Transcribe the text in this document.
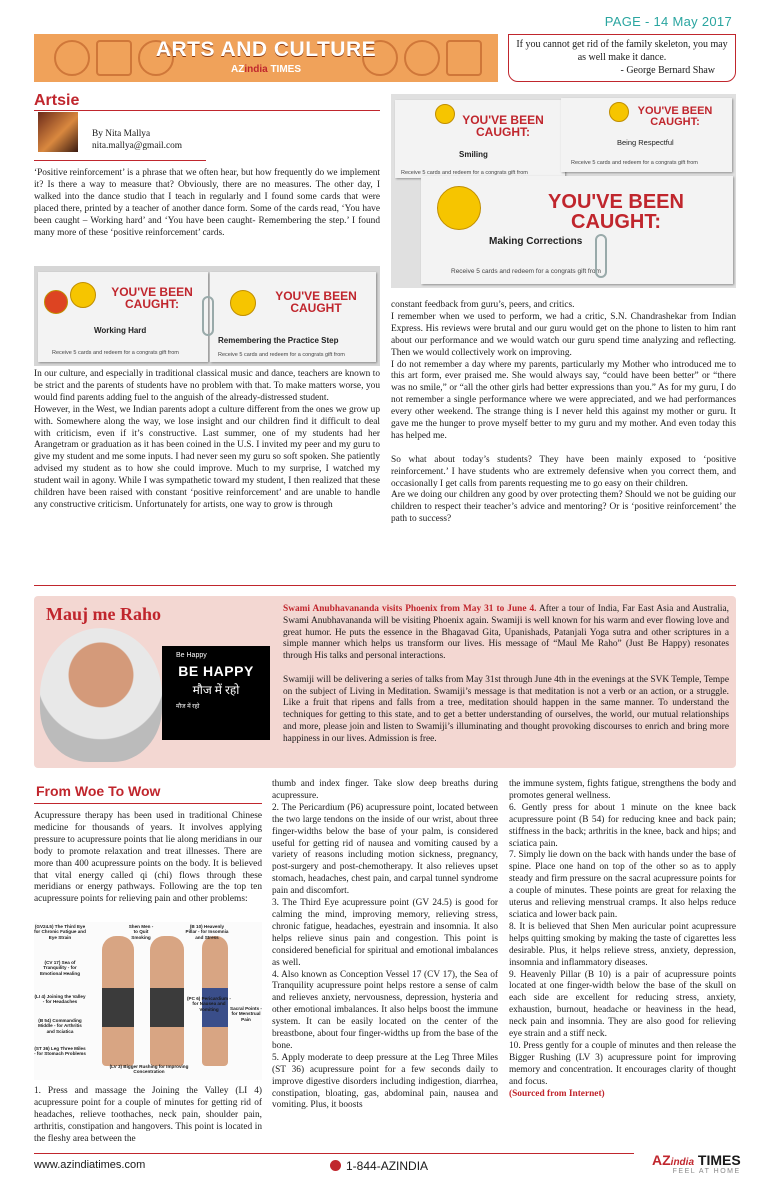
PAGE - 14 May 2017
ARTS AND CULTURE
AZindia TIMES
If you cannot get rid of the family skeleton, you may as well make it dance.
- George Bernard Shaw
Artsie
By Nita Mallya
nita.mallya@gmail.com
‘Positive reinforcement’ is a phrase that we often hear, but how frequently do we implement it? Is there a way to measure that? Obviously, there are no measures. The other day, I walked into the dance studio that I teach in regularly and I found some cards that were placed there, printed by a teacher of another dance form. Some of the cards read, ‘You have been caught – Working hard’ and ‘You have been caught- Remembering the step.’ I found many more of these ‘positive reinforcement’ cards.
YOU'VE BEEN CAUGHT:
Working Hard
Receive 5 cards and redeem for a congrats gift from
YOU'VE BEEN CAUGHT
Remembering the Practice Step
Receive 5 cards and redeem for a congrats gift from

In our culture, and especially in traditional classical music and dance, teachers are known to be strict and the parents of students have no problem with that. To make matters worse, you would find parents adding fuel to the anguish of the already-distressed student.

However, in the West, we Indian parents adopt a culture different from the ones we grow up with. Somewhere along the way, we lose insight and our children find it difficult to deal with criticism, even if it’s constructive. Last summer, one of my students had her Arangetram or graduation as it has been coined in the U.S. I invited my peer and my guru to give my student and me some inputs. I had never seen my guru so soft spoken. She patiently advised my student as to how she could improve. Much to my surprise, I watched my student wail in agony. While I was sympathetic toward my student, I then realized that these children have been raised with constant ‘positive reinforcement’ and are unable to handle any constructive criticism. Unfortunately for artists, one way to grow is through

YOU'VE BEEN CAUGHT:
Smiling
Receive 5 cards and redeem for a congrats gift from
YOU'VE BEEN CAUGHT:
Being Respectful
Receive 5 cards and redeem for a congrats gift from
YOU'VE BEEN CAUGHT:
Making Corrections
Receive 5 cards and redeem for a congrats gift from

constant feedback from guru’s, peers, and critics.

I remember when we used to perform, we had a critic, S.N. Chandrashekar from Indian Express. His reviews were brutal and our guru would get on the phone to listen to him rant about our performance and we would watch our guru spend time analyzing and reflecting. Then we would collectively work on improving.

I do not remember a day where my parents, particularly my Mother who introduced me to this art form, ever praised me. She would always say, “could have been better” or “there was no smile,” or “all the other girls had better expressions than you.” As for my guru, I do not remember a single performance where we were appreciated, and we had performances every other weekend. The strange thing is I never held this against my mother or guru. It gave me the hunger to prove myself better to my guru and my mother. And even today this has helped me.

So what about today’s students? They have been mainly exposed to ‘positive reinforcement.’ I have students who are extremely defensive when you correct them, and occasionally I get calls from parents requesting me to go easy on their children.

Are we doing our children any good by over protecting them? Should we not be guiding our children to respect their teacher’s advice and mentoring? Or is ‘positive reinforcement’ the path to success?

Mauj me Raho
Be Happy
BE HAPPY
मौज में रहो
मौज में रहो

Swami Anubhavananda visits Phoenix from May 31 to June 4. After a tour of India, Far East Asia and Australia, Swami Anubhavananda will be visiting Phoenix again. Swamiji is well known for his warm and ever flowing love and great humor. He puts the essence in the Bhagavad Gita, Upanishads, Patanjali Yoga sutra and other scriptures in a simple manner which helps us transform our lives. His message of “Maul Me Raho” (Just Be Happy) resonates through His talks and personal interactions.

Swamiji will be delivering a series of talks from May 31st through June 4th in the evenings at the SVK Temple, Tempe on the subject of Living in Meditation. Swamiji’s message is that meditation is not a verb or an action, or a struggle. Like a fruit that ripens and falls from a tree, meditation should happen in the same manner. To understand the techniques for getting to this state, and to get a better understanding of ourselves, the world, our mutual relationships and more, please join and listen to Swamiji’s illuminating and thought provoking discourses to enrich and bring more happiness in our lives. Admission is free.

From Woe To Wow
Acupressure therapy has been used in traditional Chinese medicine for thousands of years. It involves applying pressure to acupressure points that lie along meridians in our body to promote relaxation and treat illnesses. There are more than 400 acupressure points on the body. It is believed that vital energy called qi (chi) flows through these meridians or energy pathways. Following are the top ten acupressure points for relieving pain and other problems:
(GV24.5) The Third Eye for Chronic Fatigue and Eye Strain
(CV 17) Sea of Tranquility - for Emotional Healing
(LI 4) Joining the Valley - for Headaches
(B 54) Commanding Middle - for Arthritis and Sciatica
(ST 36) Leg Three Miles - for Stomach Problems
Shen Men - to Quit Smoking
(B 10) Heavenly Pillar - for Insomnia and Stress
(PC 6) Pericardium - for Nausea and Vomiting	Sacral Points - for Menstrual Pain
(LV 3) Bigger Rushing for Improving Concentration
1. Press and massage the Joining the Valley (LI 4) acupressure point for a couple of minutes for getting rid of headaches, relieve toothaches, neck pain, shoulder pain, arthritis, constipation and hangovers. This point is located in the fleshy area between the

thumb and index finger. Take slow deep breaths during acupressure.

2. The Pericardium (P6) acupressure point, located between the two large tendons on the inside of our wrist, about three finger-widths below the base of your palm, is considered useful for getting rid of nausea and vomiting caused by a variety of reasons including motion sickness, pregnancy, post-surgery and post-chemotherapy. It also relieves upset stomach, headaches, chest pain, and carpal tunnel syndrome pain and discomfort.

3. The Third Eye acupressure point (GV 24.5) is good for calming the mind, improving memory, relieving stress, chronic fatigue, headaches, eyestrain and insomnia. It also helps relieve sinus pain and congestion. This point is considered beneficial for spiritual and emotional imbalances as well.

4. Also known as Conception Vessel 17 (CV 17), the Sea of Tranquility acupressure point helps restore a sense of calm and relieves anxiety, nervousness, depression, hysteria and other emotional imbalances. It also helps boost the immune system. It can be easily located on the center of the breastbone, about four finger-widths up from the base of the bone.

5. Apply moderate to deep pressure at the Leg Three Miles (ST 36) acupressure point for a few seconds daily to improve digestive disorders including indigestion, diarrhea, constipation, bloating, gas, abdominal pain, nausea and vomiting. Plus, it boosts

the immune system, fights fatigue, strengthens the body and promotes general wellness.

6. Gently press for about 1 minute on the knee back acupressure point (B 54) for reducing knee and back pain; stiffness in the back; arthritis in the knee, back and hips; and sciatica pain.

7. Simply lie down on the back with hands under the base of spine. Place one hand on top of the other so as to apply steady and firm pressure on the sacral acupressure points for a couple of minutes. These points are great for relaxing the uterus and relieving menstrual cramps. It also helps reduce sciatica and lower back pain.

8. It is believed that Shen Men auricular point acupressure helps quitting smoking by making the taste of cigarettes less desirable. Plus, it helps relieve stress, anxiety, depression, insomnia and inflammatory diseases.

9. Heavenly Pillar (B 10) is a pair of acupressure points located at one finger-width below the base of the skull on each side are excellent for reducing stress, anxiety, exhaustion, burnout, headache or heaviness in the head, neck pain and insomnia. They are also good for relieving eye strain and a stiff neck.

10. Press gently for a couple of minutes and then release the Bigger Rushing (LV 3) acupressure point for improving memory and concentration. It encourages clarity of thought and focus.

(Sourced from Internet)

www.azindiatimes.com	1-844-AZINDIA	AZindia TIMES
FEEL AT HOME
